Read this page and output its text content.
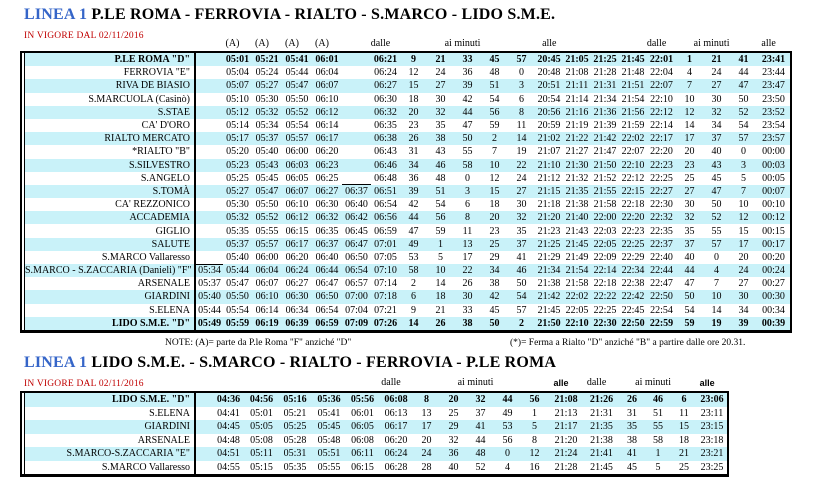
LINEA 1 P.LE ROMA - FERROVIA - RIALTO - S.MARCO - LIDO S.M.E.
IN VIGORE DAL 02/11/2016
		(A)	(A)	(A)	(A)		dalle	ai minuti	alle	dalle	ai minuti	alle
P.LE ROMA "D"		05:01	05:21	05:41	06:01		06:21	9	21	33	45	57	20:45	21:05	21:25	21:45	22:01	1	21	41	23:41
FERROVIA "E"		05:04	05:24	05:44	06:04		06:24	12	24	36	48	0	20:48	21:08	21:28	21:48	22:04	4	24	44	23:44
RIVA DE BIASIO		05:07	05:27	05:47	06:07		06:27	15	27	39	51	3	20:51	21:11	21:31	21:51	22:07	7	27	47	23:47
S.MARCUOLA (Casinò)		05:10	05:30	05:50	06:10		06:30	18	30	42	54	6	20:54	21:14	21:34	21:54	22:10	10	30	50	23:50
S.STAE		05:12	05:32	05:52	06:12		06:32	20	32	44	56	8	20:56	21:16	21:36	21:56	22:12	12	32	52	23:52
CA' D'ORO		05:14	05:34	05:54	06:14		06:35	23	35	47	59	11	20:59	21:19	21:39	21:59	22:14	14	34	54	23:54
RIALTO MERCATO		05:17	05:37	05:57	06:17		06:38	26	38	50	2	14	21:02	21:22	21:42	22:02	22:17	17	37	57	23:57
*RIALTO "B"		05:20	05:40	06:00	06:20		06:43	31	43	55	7	19	21:07	21:27	21:47	22:07	22:20	20	40	0	00:00
S.SILVESTRO		05:23	05:43	06:03	06:23		06:46	34	46	58	10	22	21:10	21:30	21:50	22:10	22:23	23	43	3	00:03
S.ANGELO		05:25	05:45	06:05	06:25		06:48	36	48	0	12	24	21:12	21:32	21:52	22:12	22:25	25	45	5	00:05
S.TOMÀ		05:27	05:47	06:07	06:27	06:37	06:51	39	51	3	15	27	21:15	21:35	21:55	22:15	22:27	27	47	7	00:07
CA' REZZONICO		05:30	05:50	06:10	06:30	06:40	06:54	42	54	6	18	30	21:18	21:38	21:58	22:18	22:30	30	50	10	00:10
ACCADEMIA		05:32	05:52	06:12	06:32	06:42	06:56	44	56	8	20	32	21:20	21:40	22:00	22:20	22:32	32	52	12	00:12
GIGLIO		05:35	05:55	06:15	06:35	06:45	06:59	47	59	11	23	35	21:23	21:43	22:03	22:23	22:35	35	55	15	00:15
SALUTE		05:37	05:57	06:17	06:37	06:47	07:01	49	1	13	25	37	21:25	21:45	22:05	22:25	22:37	37	57	17	00:17
S.MARCO Vallaresso		05:40	06:00	06:20	06:40	06:50	07:05	53	5	17	29	41	21:29	21:49	22:09	22:29	22:40	40	0	20	00:20
S.MARCO - S.ZACCARIA (Danieli) "F"	05:34	05:44	06:04	06:24	06:44	06:54	07:10	58	10	22	34	46	21:34	21:54	22:14	22:34	22:44	44	4	24	00:24
ARSENALE	05:37	05:47	06:07	06:27	06:47	06:57	07:14	2	14	26	38	50	21:38	21:58	22:18	22:38	22:47	47	7	27	00:27
GIARDINI	05:40	05:50	06:10	06:30	06:50	07:00	07:18	6	18	30	42	54	21:42	22:02	22:22	22:42	22:50	50	10	30	00:30
S.ELENA	05:44	05:54	06:14	06:34	06:54	07:04	07:21	9	21	33	45	57	21:45	22:05	22:25	22:45	22:54	54	14	34	00:34
LIDO S.M.E. "D"	05:49	05:59	06:19	06:39	06:59	07:09	07:26	14	26	38	50	2	21:50	22:10	22:30	22:50	22:59	59	19	39	00:39
NOTE: (A)= parte da P.le Roma "F" anziché "D"	(*)= Ferma a Rialto "D" anziché "B" a partire dalle ore 20.31.
LINEA 1 LIDO S.M.E. - S.MARCO - RIALTO - FERROVIA - P.LE ROMA
IN VIGORE DAL 02/11/2016
			dalle	ai minuti	alle	dalle	ai minuti	alle
LIDO S.M.E. "D"		04:36	04:56	05:16	05:36	05:56	06:08	8	20	32	44	56	21:08	21:26	26	46	6	23:06
S.ELENA		04:41	05:01	05:21	05:41	06:01	06:13	13	25	37	49	1	21:13	21:31	31	51	11	23:11
GIARDINI		04:45	05:05	05:25	05:45	06:05	06:17	17	29	41	53	5	21:17	21:35	35	55	15	23:15
ARSENALE		04:48	05:08	05:28	05:48	06:08	06:20	20	32	44	56	8	21:20	21:38	38	58	18	23:18
S.MARCO-S.ZACCARIA "E"		04:51	05:11	05:31	05:51	06:11	06:24	24	36	48	0	12	21:24	21:41	41	1	21	23:21
S.MARCO Vallaresso		04:55	05:15	05:35	05:55	06:15	06:28	28	40	52	4	16	21:28	21:45	45	5	25	23:25
